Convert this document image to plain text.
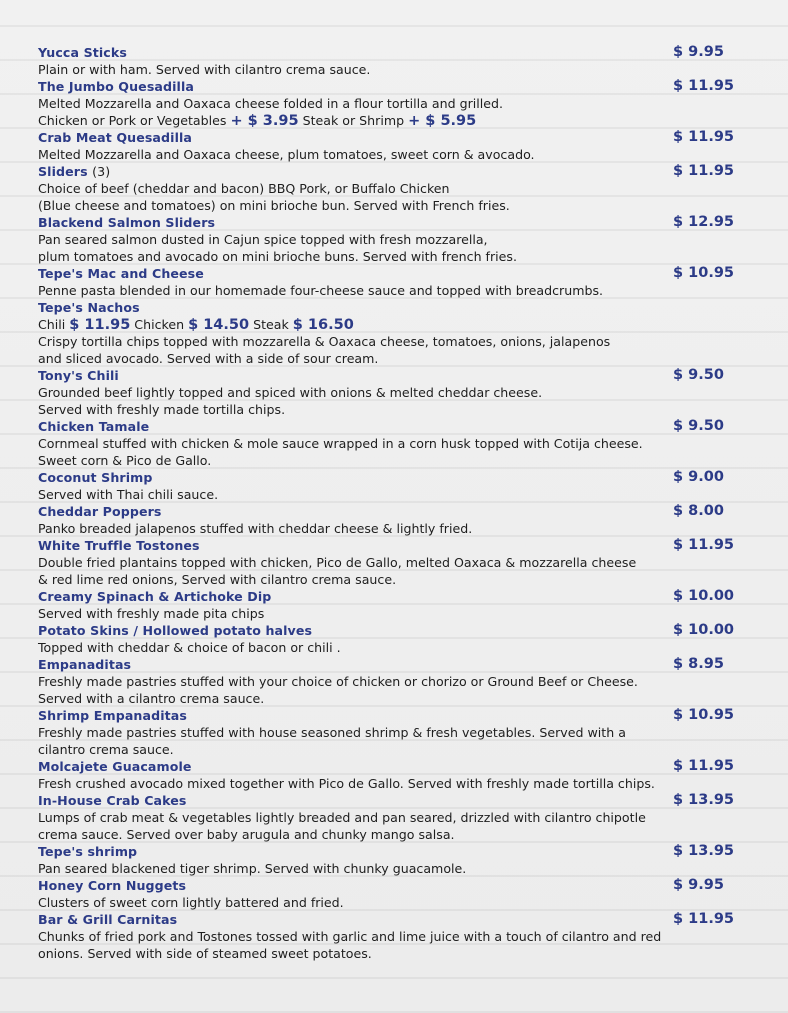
Yucca Sticks	$ 9.95
Plain or with ham. Served with cilantro crema sauce.
The Jumbo Quesadilla	$ 11.95
Melted Mozzarella and Oaxaca cheese folded in a flour tortilla and grilled.
Chicken or Pork or Vegetables + $ 3.95 Steak or Shrimp + $ 5.95
Crab Meat Quesadilla	$ 11.95
Melted Mozzarella and Oaxaca cheese, plum tomatoes, sweet corn & avocado.
Sliders (3)	$ 11.95
Choice of beef (cheddar and bacon) BBQ Pork, or Buffalo Chicken
(Blue cheese and tomatoes) on mini brioche bun. Served with French fries.
Blackend Salmon Sliders	$ 12.95
Pan seared salmon dusted in Cajun spice topped with fresh mozzarella,
plum tomatoes and avocado on mini brioche buns. Served with french fries.
Tepe's Mac and Cheese	$ 10.95
Penne pasta blended in our homemade four-cheese sauce and topped with breadcrumbs.
Tepe's Nachos
Chili $ 11.95 Chicken $ 14.50 Steak $ 16.50
Crispy tortilla chips topped with mozzarella & Oaxaca cheese, tomatoes, onions, jalapenos
and sliced avocado. Served with a side of sour cream.
Tony's Chili	$ 9.50
Grounded beef lightly topped and spiced with onions & melted cheddar cheese.
Served with freshly made tortilla chips.
Chicken Tamale	$ 9.50
Cornmeal stuffed with chicken & mole sauce wrapped in a corn husk topped with Cotija cheese.
Sweet corn & Pico de Gallo.
Coconut Shrimp	$ 9.00
Served with Thai chili sauce.
Cheddar Poppers	$ 8.00
Panko breaded jalapenos stuffed with cheddar cheese & lightly fried.
White Truffle Tostones	$ 11.95
Double fried plantains topped with chicken, Pico de Gallo, melted Oaxaca & mozzarella cheese
& red lime red onions, Served with cilantro crema sauce.
Creamy Spinach & Artichoke Dip	$ 10.00
Served with freshly made pita chips
Potato Skins / Hollowed potato halves	$ 10.00
Topped with cheddar & choice of bacon or chili .
Empanaditas	$ 8.95
Freshly made pastries stuffed with your choice of chicken or chorizo or Ground Beef or Cheese.
Served with a cilantro crema sauce.
Shrimp Empanaditas	$ 10.95
Freshly made pastries stuffed with house seasoned shrimp & fresh vegetables. Served with a
cilantro crema sauce.
Molcajete Guacamole	$ 11.95
Fresh crushed avocado mixed together with Pico de Gallo. Served with freshly made tortilla chips.
In-House Crab Cakes	$ 13.95
Lumps of crab meat & vegetables lightly breaded and pan seared, drizzled with cilantro chipotle
crema sauce. Served over baby arugula and chunky mango salsa.
Tepe's shrimp	$ 13.95
Pan seared blackened tiger shrimp. Served with chunky guacamole.
Honey Corn Nuggets	$ 9.95
Clusters of sweet corn lightly battered and fried.
Bar & Grill Carnitas	$ 11.95
Chunks of fried pork and Tostones tossed with garlic and lime juice with a touch of cilantro and red
onions. Served with side of steamed sweet potatoes.
